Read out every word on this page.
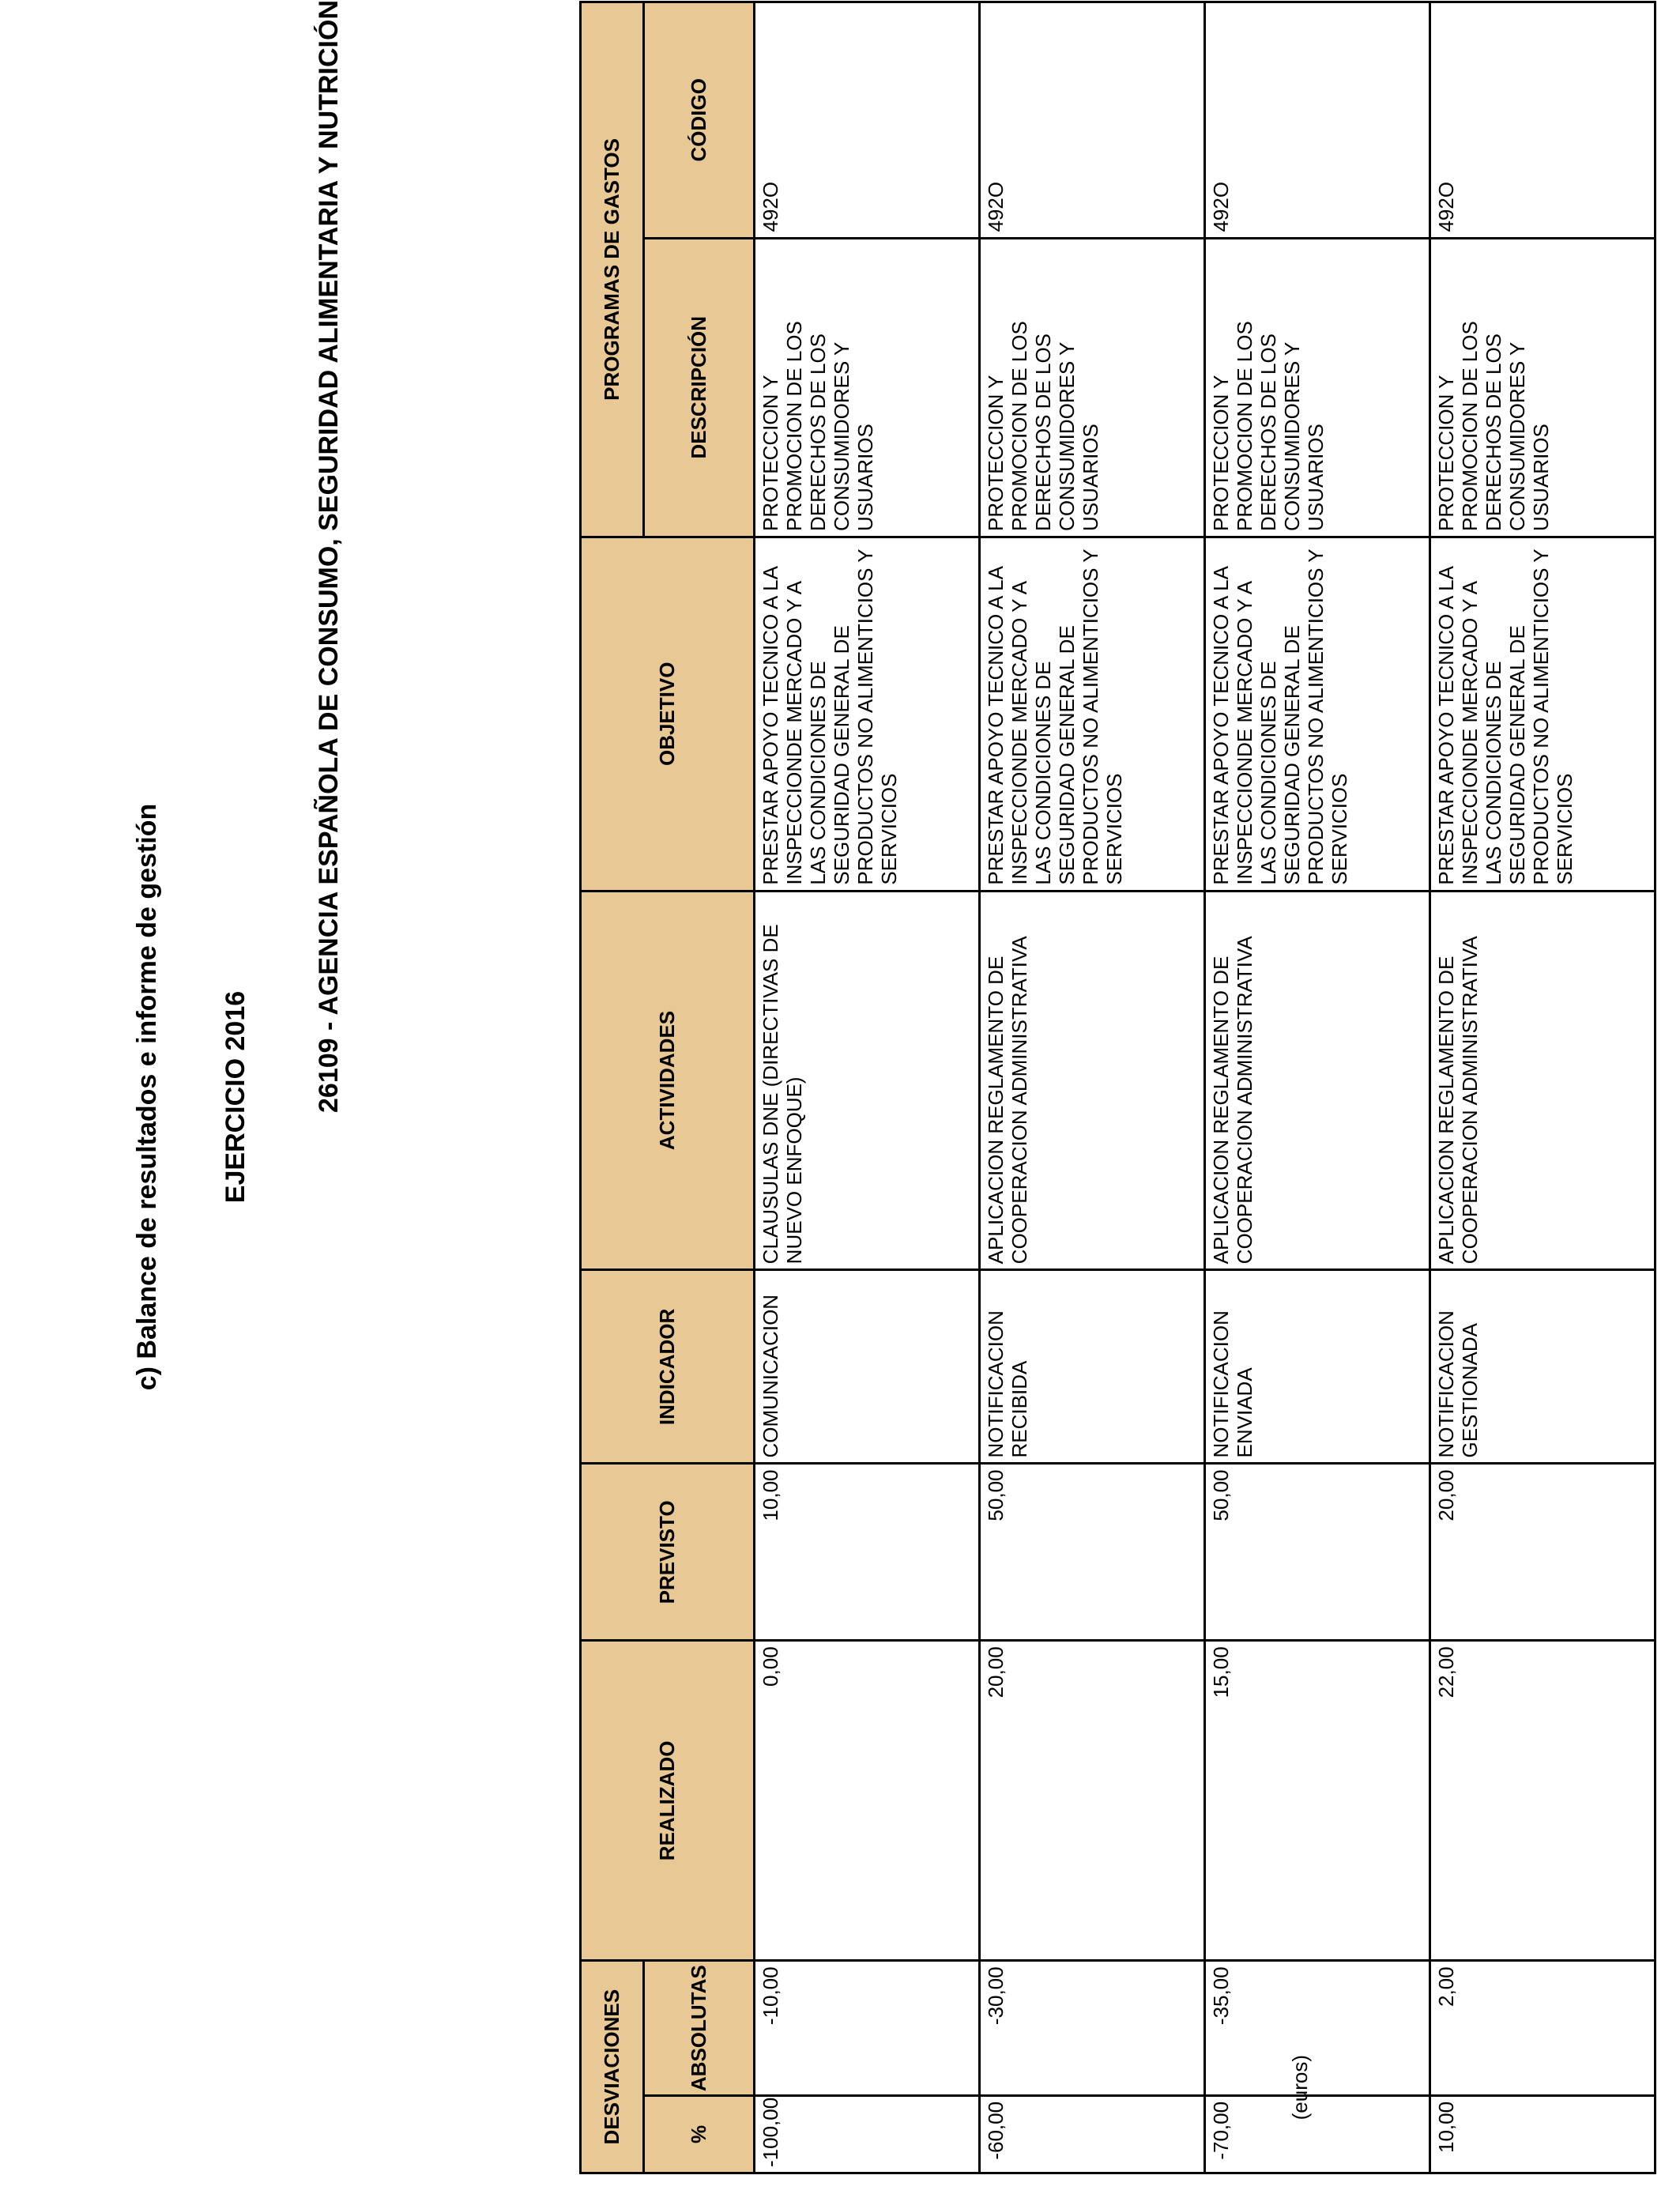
c) Balance de resultados e informe de gestión EJERCICIO 2016 26109 - AGENCIA ESPAÑOLA DE CONSUMO, SEGURIDAD ALIMENTARIA Y NUTRICIÓN
(euros)
DESVIACIONES		REALIZADO	PREVISTO	INDICADOR	ACTIVIDADES	OBJETIVO	PROGRAMAS DE GASTOS	
%	ABSOLUTAS						DESCRIPCIÓN	CÓDIGO
-100,00	-10,00	0,00	10,00	COMUNICACION	CLAUSULAS DNE (DIRECTIVAS DE NUEVO ENFOQUE)	PRESTAR APOYO TECNICO A LA INSPECCIONDE MERCADO Y A LAS CONDICIONES DE SEGURIDAD GENERAL DE PRODUCTOS NO ALIMENTICIOS Y SERVICIOS	PROTECCION Y PROMOCION DE LOS DERECHOS DE LOS CONSUMIDORES Y USUARIOS	492O
-60,00	-30,00	20,00	50,00	NOTIFICACION RECIBIDA	APLICACION REGLAMENTO DE COOPERACION ADMINISTRATIVA	PRESTAR APOYO TECNICO A LA INSPECCIONDE MERCADO Y A LAS CONDICIONES DE SEGURIDAD GENERAL DE PRODUCTOS NO ALIMENTICIOS Y SERVICIOS	PROTECCION Y PROMOCION DE LOS DERECHOS DE LOS CONSUMIDORES Y USUARIOS	492O
-70,00	-35,00	15,00	50,00	NOTIFICACION ENVIADA	APLICACION REGLAMENTO DE COOPERACION ADMINISTRATIVA	PRESTAR APOYO TECNICO A LA INSPECCIONDE MERCADO Y A LAS CONDICIONES DE SEGURIDAD GENERAL DE PRODUCTOS NO ALIMENTICIOS Y SERVICIOS	PROTECCION Y PROMOCION DE LOS DERECHOS DE LOS CONSUMIDORES Y USUARIOS	492O
10,00	2,00	22,00	20,00	NOTIFICACION GESTIONADA	APLICACION REGLAMENTO DE COOPERACION ADMINISTRATIVA	PRESTAR APOYO TECNICO A LA INSPECCIONDE MERCADO Y A LAS CONDICIONES DE SEGURIDAD GENERAL DE PRODUCTOS NO ALIMENTICIOS Y SERVICIOS	PROTECCION Y PROMOCION DE LOS DERECHOS DE LOS CONSUMIDORES Y USUARIOS	492O
